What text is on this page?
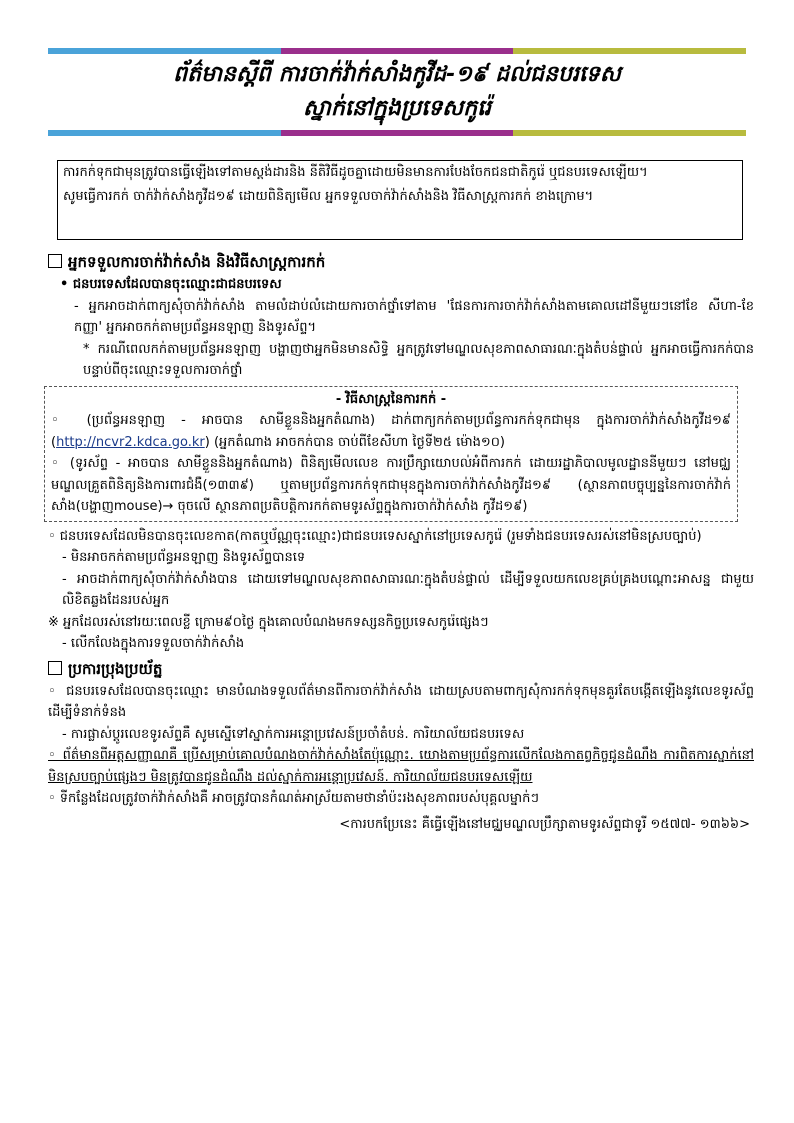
ព័ត៌មានស្តីពី ការចាក់វ៉ាក់សាំងកូវីដ-១៩ ដល់ជនបរទេស
ស្នាក់នៅក្នុងប្រទេសកូរ៉េ

ការកក់ទុកជាមុនត្រូវបានធ្វើឡើងទៅតាមស្តង់ដារនិង នីតិវិធីដូចគ្នាដោយមិនមានការបែងចែកជនជាតិកូរ៉េ ឬជនបរទេសឡើយ។

សូមធ្វើការកក់ ចាក់វ៉ាក់សាំងកូវីដ១៩ ដោយពិនិត្យមើល អ្នកទទួលចាក់វ៉ាក់សាំងនិង វិធីសាស្រ្តការកក់ ខាងក្រោម។

អ្នកទទួលការចាក់វ៉ាក់សាំង និងវិធីសាស្រ្តការកក់

• ជនបរទេសដែលបានចុះឈ្មោះជាជនបរទេស

- អ្នកអាចដាក់ពាក្យសុំចាក់វ៉ាក់សាំង តាមលំដាប់លំដោយការចាក់ថ្នាំទៅតាម 'ផែនការការចាក់វ៉ាក់សាំងតាមគោលដៅនីមួយៗនៅខែ សីហា-ខែកញ្ញា' អ្នកអាចកក់តាមប្រព័ន្ធអនឡាញ និងទូរស័ព្ទ។

* ករណីពេលកក់តាមប្រព័ន្ធអនឡាញ បង្ហាញថាអ្នកមិនមានសិទ្ធិ អ្នកត្រូវទៅមណ្ឌលសុខភាពសាធារណៈក្នុងតំបន់ផ្ទាល់ អ្នកអាចធ្វើការកក់បាន បន្ទាប់ពីចុះឈ្មោះទទួលការចាក់ថ្នាំ

- វិធីសាស្រ្តនៃការកក់ -

◦ (ប្រព័ន្ធអនឡាញ - អាចបាន សាមីខ្លួននិងអ្នកតំណាង) ដាក់ពាក្យកក់តាមប្រព័ន្ធការកក់ទុកជាមុន ក្នុងការចាក់វ៉ាក់សាំងកូវីដ១៩ (http://ncvr2.kdca.go.kr) (អ្នកតំណាង អាចកក់បាន ចាប់ពីខែសីហា ថ្ងៃទី២៥ ម៉ោង១០)

◦ (ទូរស័ព្ទ - អាចបាន សាមីខ្លួននិងអ្នកតំណាង) ពិនិត្យមើលលេខ ការប្រឹក្សាយោបល់អំពីការកក់ ដោយរដ្ឋាភិបាលមូលដ្ឋាននីមួយៗ នៅមជ្ឈមណ្ឌលគ្រួតពិនិត្យនិងការពារជំងឺ(១៣៣៩) ឬតាមប្រព័ន្ធការកក់ទុកជាមុនក្នុងការចាក់វ៉ាក់សាំងកូវីដ១៩ (ស្ថានភាពបច្ចុប្បន្ននៃការចាក់វ៉ាក់សាំង(បង្ហាញmouse)→ ចុចលើ ស្ថានភាពប្រតិបត្តិការកក់តាមទូរស័ព្ទក្នុងការចាក់វ៉ាក់សាំង កូវីដ១៩)

◦ ជនបរទេសដែលមិនបានចុះលេខកាត(កាតឬប័ណ្ណចុះឈ្មោះ)ជាជនបរទេសស្នាក់នៅប្រទេសកូរ៉េ (រួមទាំងជនបរទេសរស់នៅមិនស្របច្បាប់)

- មិនអាចកក់តាមប្រព័ន្ធអនឡាញ និងទូរស័ព្ទបានទេ

- អាចដាក់ពាក្យសុំចាក់វ៉ាក់សាំងបាន ដោយទៅមណ្ឌលសុខភាពសាធារណៈក្នុងតំបន់ផ្ទាល់ ដើម្បីទទួលយកលេខគ្រប់គ្រងបណ្តោះអាសន្ន ជាមួយលិខិតឆ្លងដែនរបស់អ្នក

※ អ្នកដែលរស់នៅរយៈពេលខ្លី ក្រោម៩០ថ្ងៃ ក្នុងគោលបំណងមកទស្សនកិច្ចប្រទេសកូរ៉េផ្សេងៗ

- លើកលែងក្នុងការទទួលចាក់វ៉ាក់សាំង

ប្រការប្រុងប្រយ័ត្ន

◦ ជនបរទេសដែលបានចុះឈ្មោះ មានបំណងទទួលព័ត៌មានពីការចាក់វ៉ាក់សាំង ដោយស្របតាមពាក្យសុំការកក់ទុកមុនគួរតែបង្កើតឡើងនូវលេខទូរស័ព្ទដើម្បីទំនាក់ទំនង

- ការផ្លាស់ប្តូរលេខទូរស័ព្ទគឺ សូមស្នើទៅស្នាក់ការអន្តោប្រវេសន៍ប្រចាំតំបន់. ការិយាល័យជនបរទេស

◦ ព័ត៌មានពីអត្តសញ្ញាណគឺ ប្រើសម្រាប់គោលបំណងចាក់វ៉ាក់សាំងតែប៉ុណ្ណោះ. យោងតាមប្រព័ន្ធការលើកលែងកាតព្វកិច្ចជូនដំណឹង ការពិតការស្នាក់នៅមិនស្របច្បាប់ផ្សេងៗ មិនត្រូវបានជូនដំណឹង ដល់ស្នាក់ការអន្តោប្រវេសន៍. ការិយាល័យជនបរទេសឡើយ

◦ ទីកន្លែងដែលត្រូវចាក់វ៉ាក់សាំងគឺ អាចត្រូវបានកំណត់អាស្រ័យតាមថានាំប៉ះរងសុខភាពរបស់បុគ្គលម្នាក់ៗ

<ការបកប្រែនេះ គឺធ្វើឡើងនៅមជ្ឈមណ្ឌលប្រឹក្សាតាមទូរស័ព្ទជាទូរី ១៥៧៧- ១៣៦៦>
